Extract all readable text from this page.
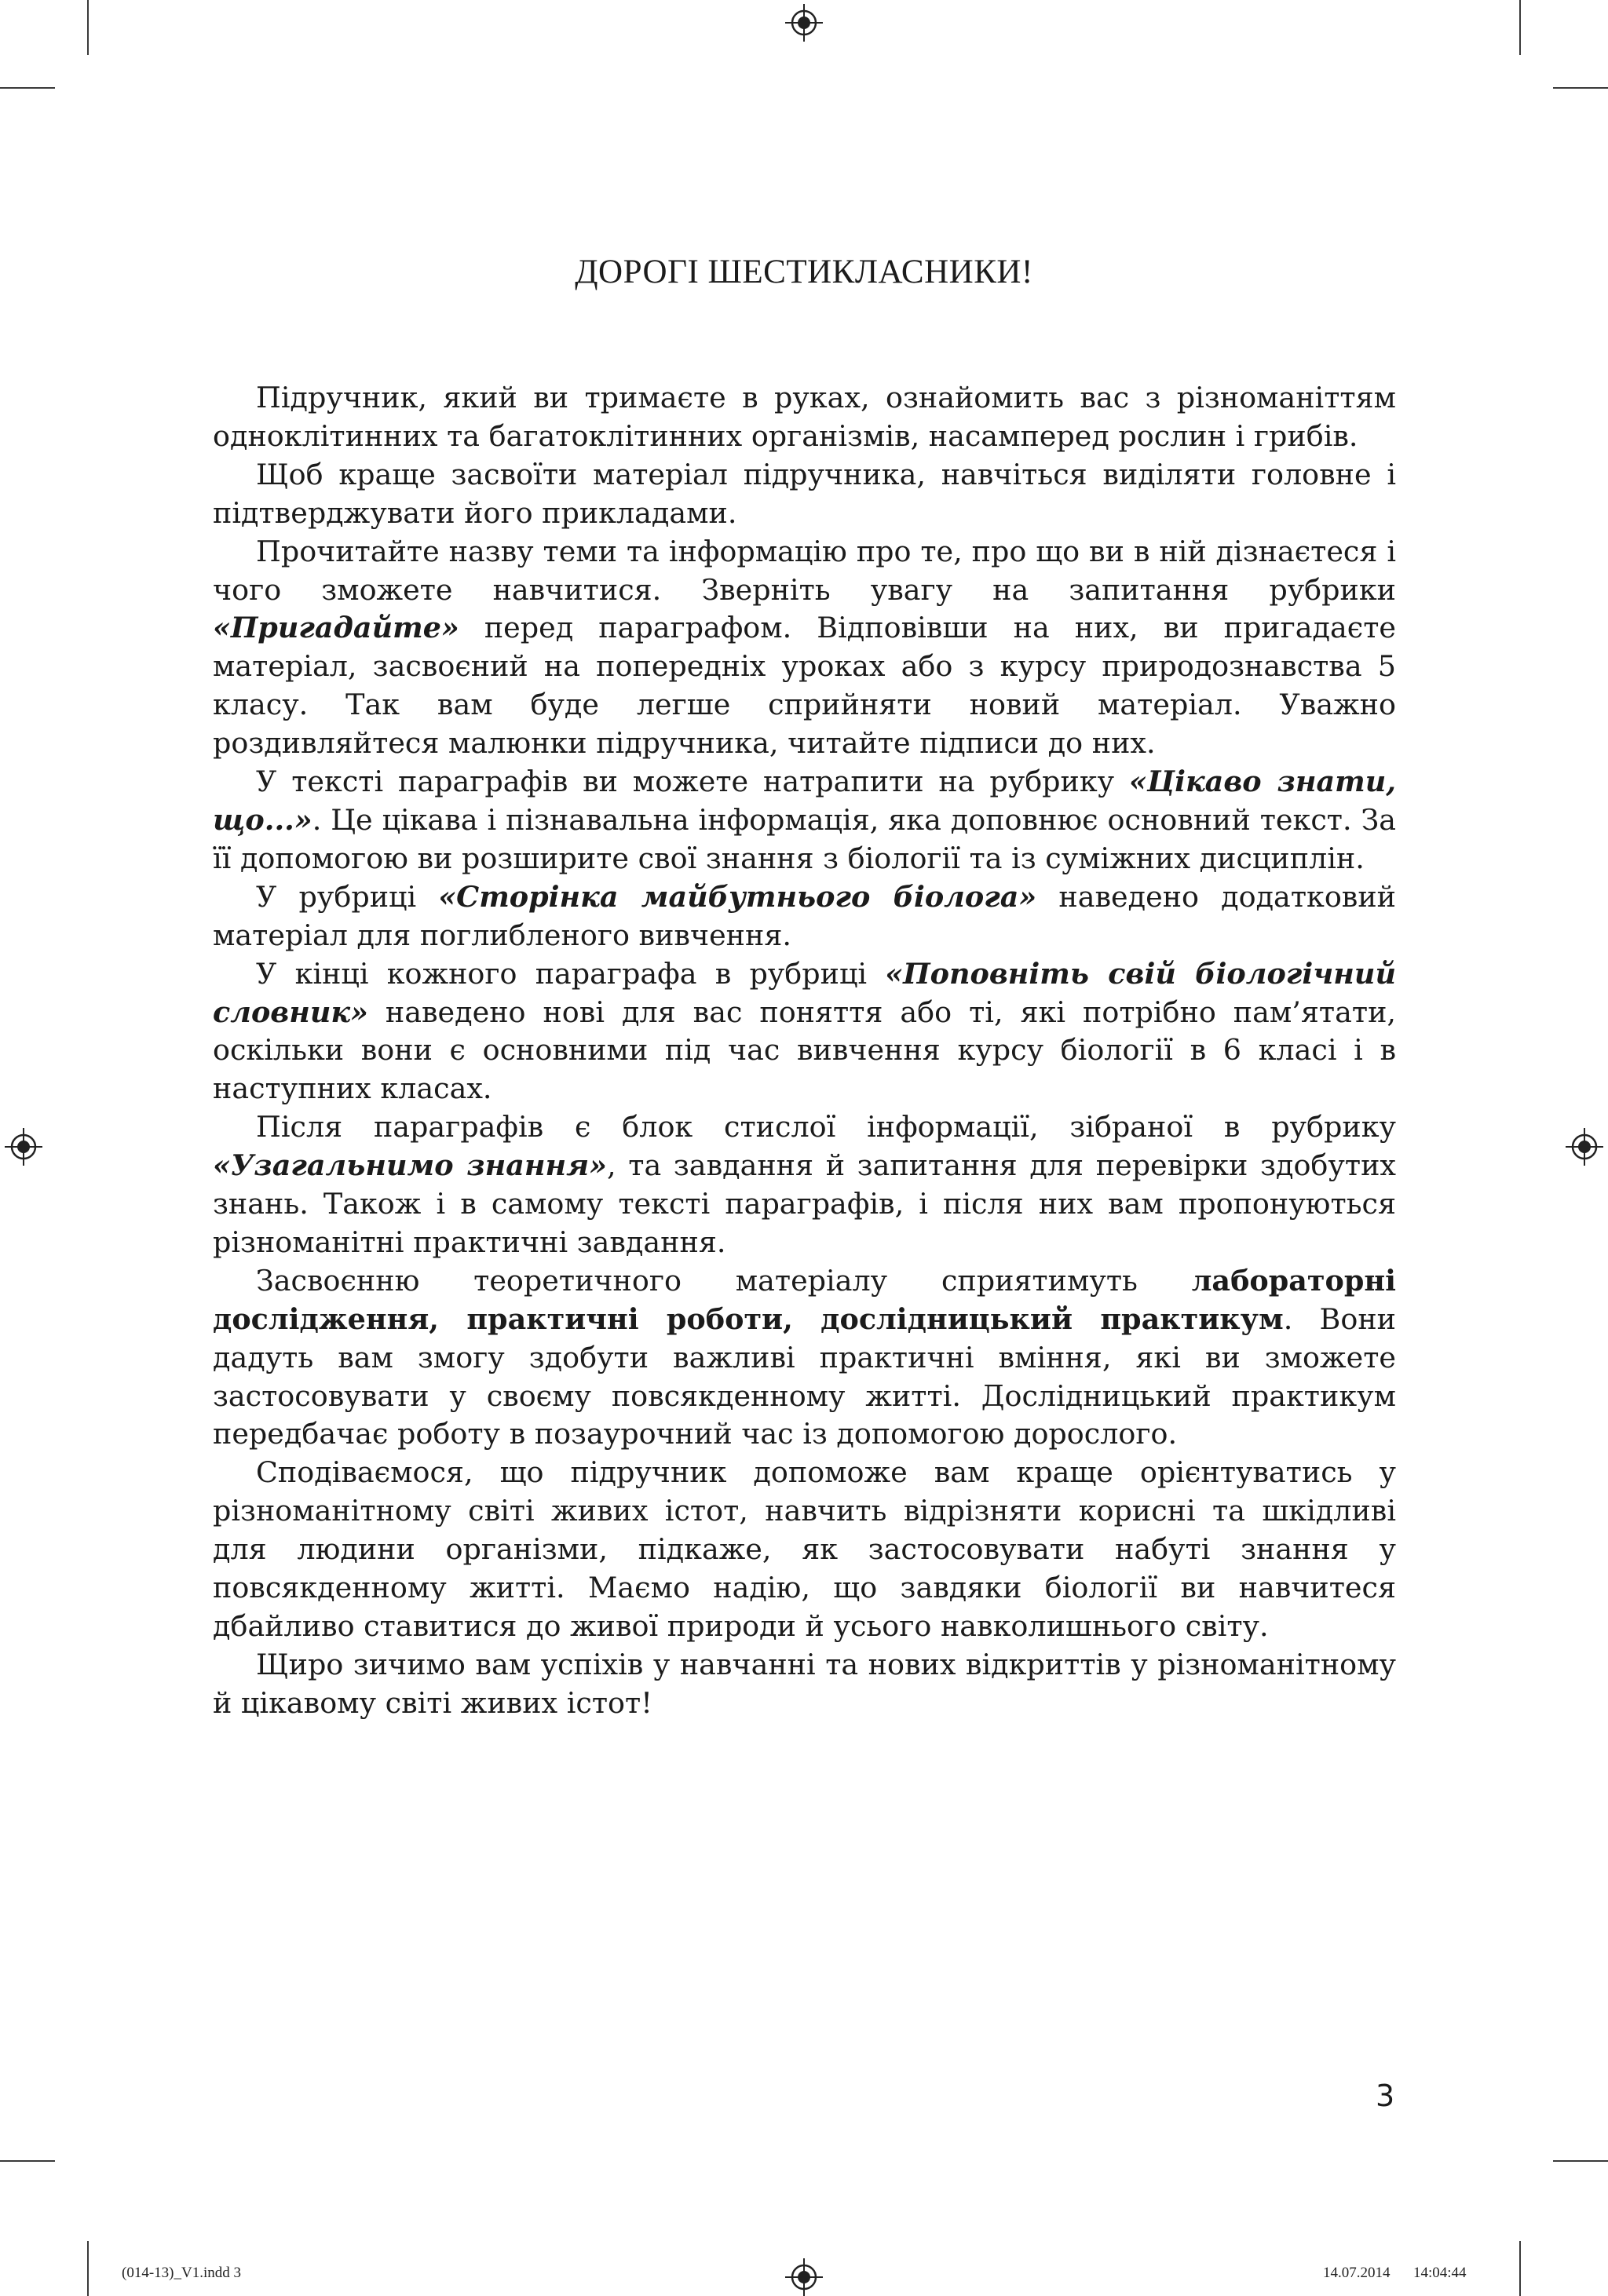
ДОРОГІ ШЕСТИКЛАСНИКИ!

Підручник, який ви тримаєте в руках, ознайомить вас з різноманіттям одноклітинних та багатоклітинних організмів, насамперед рослин і грибів.

Щоб краще засвоїти матеріал підручника, навчіться виділяти головне і підтверджувати його прикладами.

Прочитайте назву теми та інформацію про те, про що ви в ній дізнаєтеся і чого зможете навчитися. Зверніть увагу на запитання рубрики «Пригадайте» перед параграфом. Відповівши на них, ви пригадаєте матеріал, засвоєний на попередніх уроках або з курсу природознавства 5 класу. Так вам буде легше сприйняти новий матеріал. Уважно роздивляйтеся малюнки підручника, читайте підписи до них.

У тексті параграфів ви можете натрапити на рубрику «Цікаво знати, що...». Це цікава і пізнавальна інформація, яка доповнює основний текст. За її допомогою ви розширите свої знання з біології та із суміжних дисциплін.

У рубриці «Сторінка майбутнього біолога» наведено додатковий матеріал для поглибленого вивчення.

У кінці кожного параграфа в рубриці «Поповніть свій біологічний словник» наведено нові для вас поняття або ті, які потрібно пам’ятати, оскільки вони є основними під час вивчення курсу біології в 6 класі і в наступних класах.

Після параграфів є блок стислої інформації, зібраної в рубрику «Узагальнимо знання», та завдання й запитання для перевірки здобутих знань. Також і в самому тексті параграфів, і після них вам пропонуються різноманітні практичні завдання.

Засвоєнню теоретичного матеріалу сприятимуть лабораторні дослідження, практичні роботи, дослідницький практикум. Вони дадуть вам змогу здобути важливі практичні вміння, які ви зможете застосовувати у своєму повсякденному житті. Дослідницький практикум передбачає роботу в позаурочний час із допомогою дорослого.

Сподіваємося, що підручник допоможе вам краще орієнтуватись у різноманітному світі живих істот, навчить відрізняти корисні та шкідливі для людини організми, підкаже, як застосовувати набуті знання у повсякденному житті. Маємо надію, що завдяки біології ви навчитеся дбайливо ставитися до живої природи й усього навколишнього світу.

Щиро зичимо вам успіхів у навчанні та нових відкриттів у різноманітному й цікавому світі живих істот!

3
(014-13)_V1.indd 3	14.07.2014 14:04:44
